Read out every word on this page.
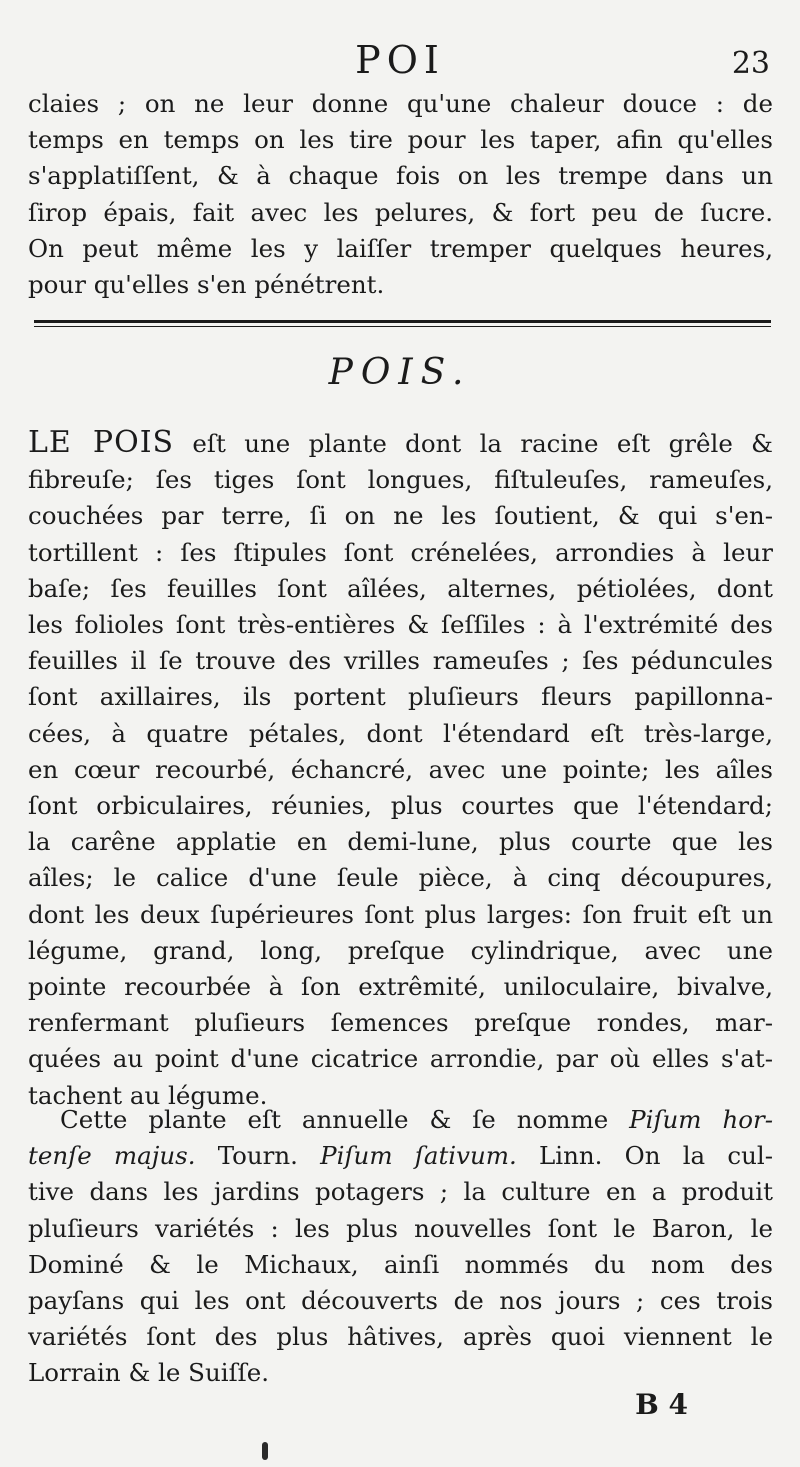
POI	23
claies ; on ne leur donne qu'une chaleur douce : de
temps en temps on les tire pour les taper, afin qu'elles
s'applatiſſent, & à chaque fois on les trempe dans un
ſirop épais, fait avec les pelures, & fort peu de ſucre.
On peut même les y laiſſer tremper quelques heures,
pour qu'elles s'en pénétrent.
POIS.
LE POIS eſt une plante dont la racine eſt grêle &
fibreuſe; ſes tiges ſont longues, fiſtuleuſes, rameuſes,
couchées par terre, ſi on ne les ſoutient, & qui s'en-
tortillent : ſes ſtipules ſont crénelées, arrondies à leur
baſe; ſes feuilles ſont aîlées, alternes, pétiolées, dont
les folioles ſont très-entières & ſeſſiles : à l'extrémité des
feuilles il ſe trouve des vrilles rameuſes ; ſes péduncules
ſont axillaires, ils portent pluſieurs fleurs papillonna-
cées, à quatre pétales, dont l'étendard eſt très-large,
en cœur recourbé, échancré, avec une pointe; les aîles
ſont orbiculaires, réunies, plus courtes que l'étendard;
la carêne applatie en demi-lune, plus courte que les
aîles; le calice d'une ſeule pièce, à cinq découpures,
dont les deux ſupérieures ſont plus larges: ſon fruit eſt un
légume, grand, long, preſque cylindrique, avec une
pointe recourbée à ſon extrêmité, uniloculaire, bivalve,
renfermant pluſieurs ſemences preſque rondes, mar-
quées au point d'une cicatrice arrondie, par où elles s'at-
tachent au légume.
Cette plante eſt annuelle & ſe nomme Piſum hor-
tenſe majus. Tourn. Piſum ſativum. Linn. On la cul-
tive dans les jardins potagers ; la culture en a produit
pluſieurs variétés : les plus nouvelles ſont le Baron, le
Dominé & le Michaux, ainſi nommés du nom des
payſans qui les ont découverts de nos jours ; ces trois
variétés ſont des plus hâtives, après quoi viennent le
Lorrain & le Suiſſe.
B 4
